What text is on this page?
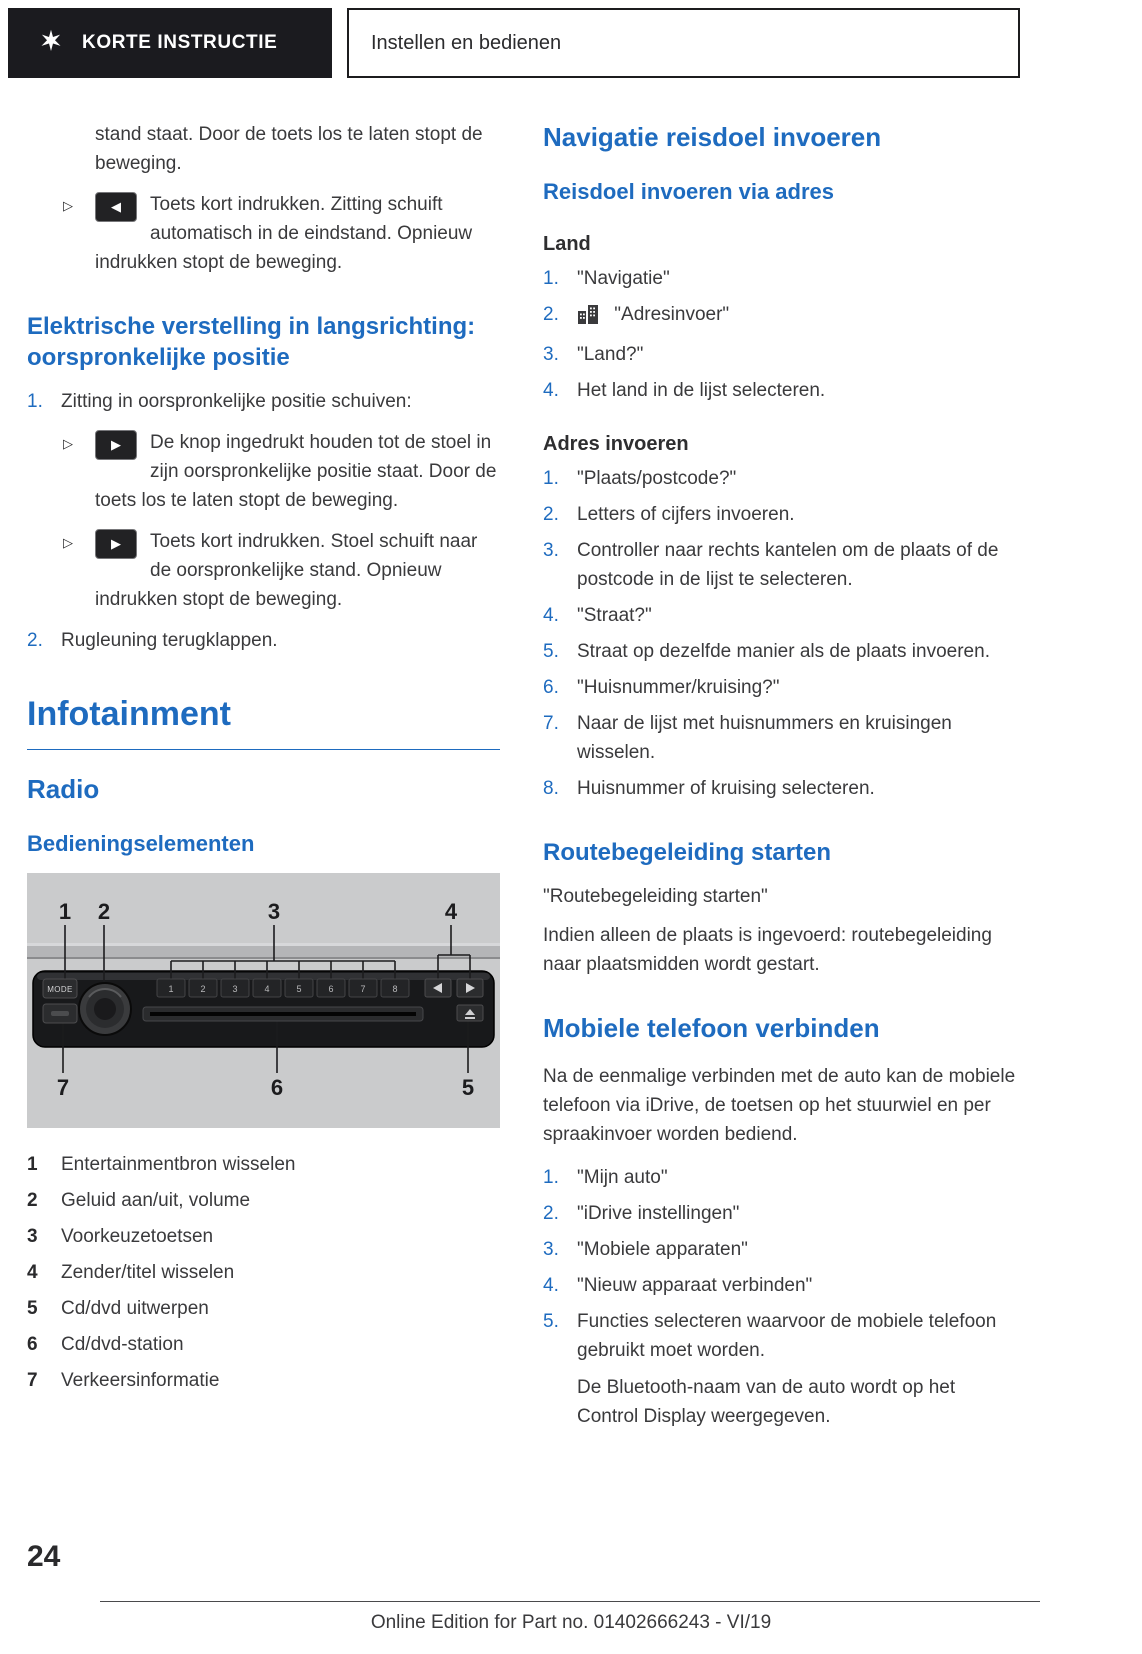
KORTE INSTRUCTIE	Instellen en bedienen

stand staat. Door de toets los te laten stopt de beweging.

▷	◀	Toets kort indrukken. Zitting schuift automatisch in de eindstand. Opnieuw indrukken stopt de beweging.
Elektrische verstelling in langsrichting: oorspronkelijke positie
1. Zitting in oorspronkelijke positie schuiven:
▷	▶	De knop ingedrukt houden tot de stoel in zijn oorspronkelijke positie staat. Door de toets los te laten stopt de beweging.
▷	▶	Toets kort indrukken. Stoel schuift naar de oorspronkelijke stand. Opnieuw indrukken stopt de beweging.
2. Rugleuning terugklappen.
Infotainment
Radio
Bedieningselementen
MODE	1	2	3	4	5	6	7	8
1 2	3	4
7	6	5
1	Entertainmentbron wisselen
2	Geluid aan/uit, volume
3	Voorkeuzetoetsen
4	Zender/titel wisselen
5	Cd/dvd uitwerpen
6	Cd/dvd-station
7	Verkeersinformatie
Navigatie reisdoel invoeren
Reisdoel invoeren via adres
Land
1. "Navigatie"
2.	"Adresinvoer"
3. "Land?"
4. Het land in de lijst selecteren.
Adres invoeren
1. "Plaats/postcode?"
2. Letters of cijfers invoeren.
3. Controller naar rechts kantelen om de plaats of de postcode in de lijst te selecteren.
4. "Straat?"
5. Straat op dezelfde manier als de plaats invoeren.
6. "Huisnummer/kruising?"
7. Naar de lijst met huisnummers en kruisingen wisselen.
8. Huisnummer of kruising selecteren.
Routebegeleiding starten

"Routebegeleiding starten"

Indien alleen de plaats is ingevoerd: routebegeleiding naar plaatsmidden wordt gestart.

Mobiele telefoon verbinden

Na de eenmalige verbinden met de auto kan de mobiele telefoon via iDrive, de toetsen op het stuurwiel en per spraakinvoer worden bediend.

1. "Mijn auto"
2. "iDrive instellingen"
3. "Mobiele apparaten"
4. "Nieuw apparaat verbinden"
5. Functies selecteren waarvoor de mobiele telefoon gebruikt moet worden.

De Bluetooth-naam van de auto wordt op het Control Display weergegeven.

24
Online Edition for Part no. 01402666243 - VI/19
